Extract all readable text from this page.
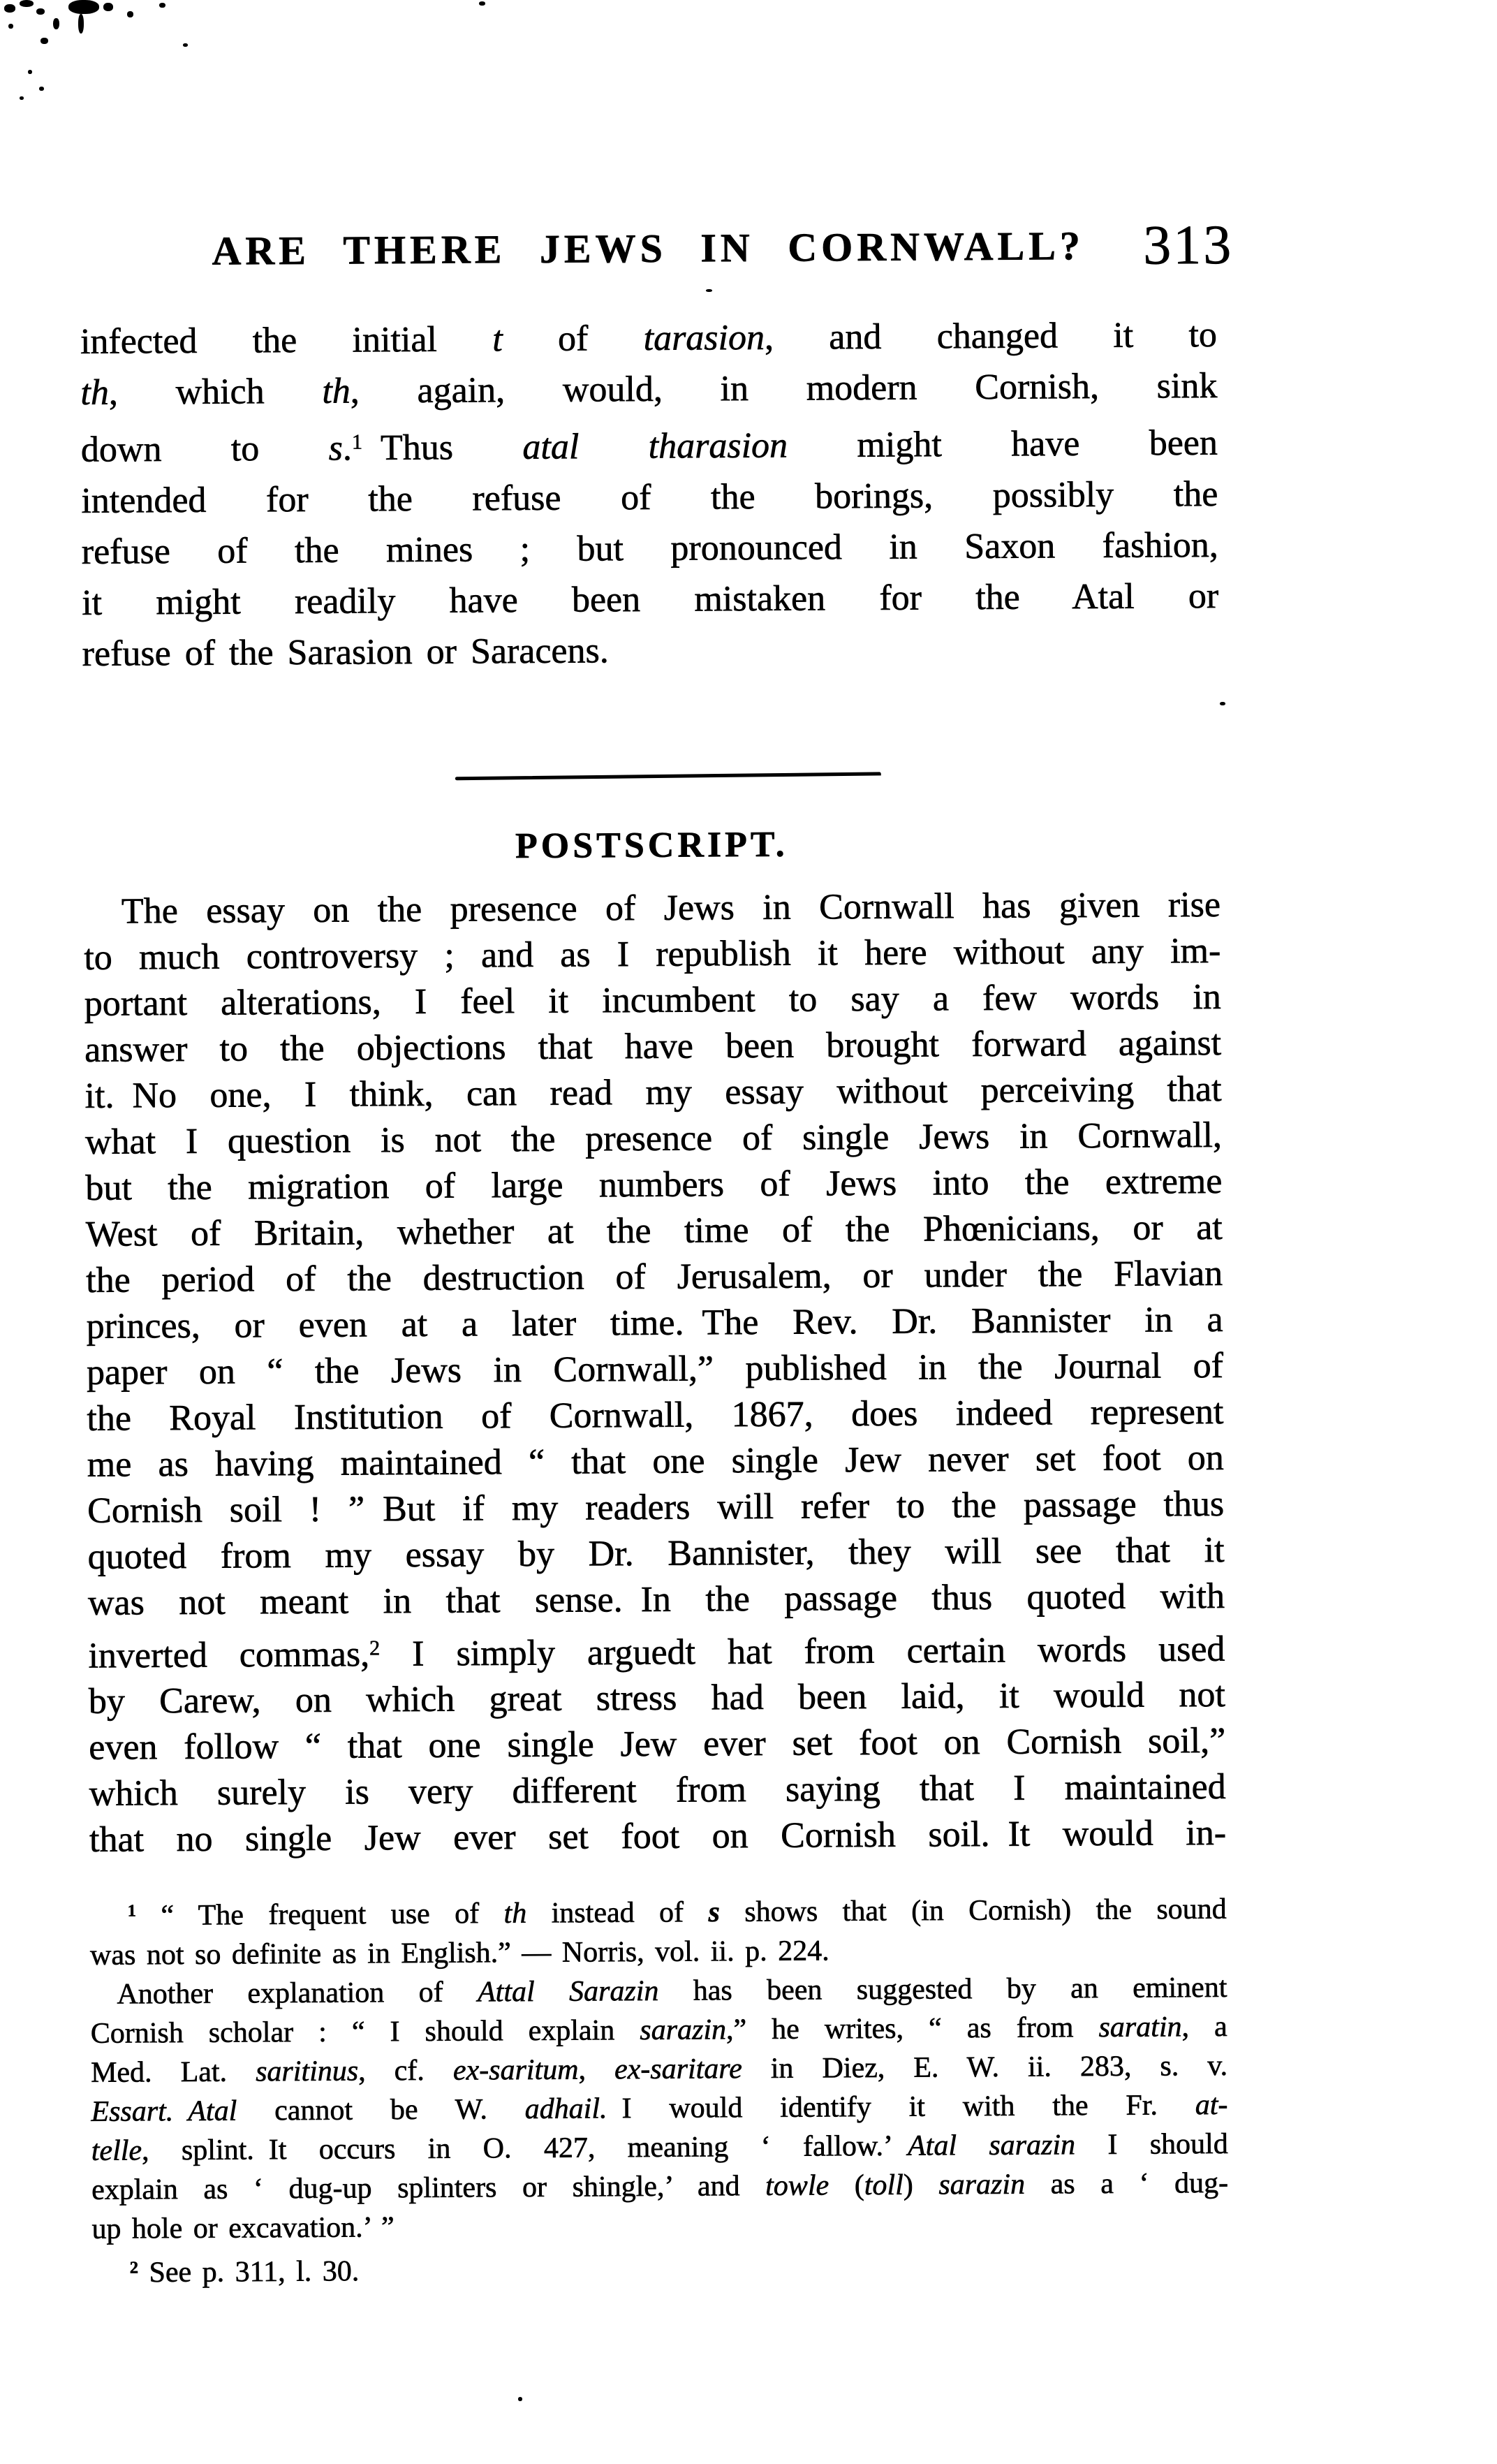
ARE THERE JEWS IN CORNWALL?	313
infected the initial t of tarasion, and changed it to
th, which th, again, would, in modern Cornish, sink
down to s.$^1$ Thus atal tharasion might have been
intended for the refuse of the borings, possibly the
refuse of the mines ; but pronounced in Saxon fashion,
it might readily have been mistaken for the Atal or
refuse of the Sarasion or Saracens.
POSTSCRIPT.
The essay on the presence of Jews in Cornwall has given rise
to much controversy ; and as I republish it here without any im-
portant alterations, I feel it incumbent to say a few words in
answer to the objections that have been brought forward against
it. No one, I think, can read my essay without perceiving that
what I question is not the presence of single Jews in Cornwall,
but the migration of large numbers of Jews into the extreme
West of Britain, whether at the time of the Phœnicians, or at
the period of the destruction of Jerusalem, or under the Flavian
princes, or even at a later time. The Rev. Dr. Bannister in a
paper on “ the Jews in Cornwall,” published in the Journal of
the Royal Institution of Cornwall, 1867, does indeed represent
me as having maintained “ that one single Jew never set foot on
Cornish soil ! ” But if my readers will refer to the passage thus
quoted from my essay by Dr. Bannister, they will see that it
was not meant in that sense. In the passage thus quoted with
inverted commas,$^2$ I simply arguedt hat from certain words used
by Carew, on which great stress had been laid, it would not
even follow “ that one single Jew ever set foot on Cornish soil,”
which surely is very different from saying that I maintained
that no single Jew ever set foot on Cornish soil. It would in-
$^1$ “ The frequent use of th instead of s shows that (in Cornish) the sound
was not so definite as in English.” — Norris, vol. ii. p. 224.
Another explanation of Attal Sarazin has been suggested by an eminent
Cornish scholar : “ I should explain sarazin,” he writes, “ as from saratin, a
Med. Lat. saritinus, cf. ex-saritum, ex-saritare in Diez, E. W. ii. 283, s. v.
Essart.  Atal cannot be W. adhail. I would identify it with the Fr. at-
telle, splint. It occurs in O. 427, meaning ‘ fallow.’ Atal sarazin I should
explain as ‘ dug-up splinters or shingle,’ and towle (toll) sarazin as a ‘ dug-
up hole or excavation.’ ”
$^2$ See p. 311, l. 30.
